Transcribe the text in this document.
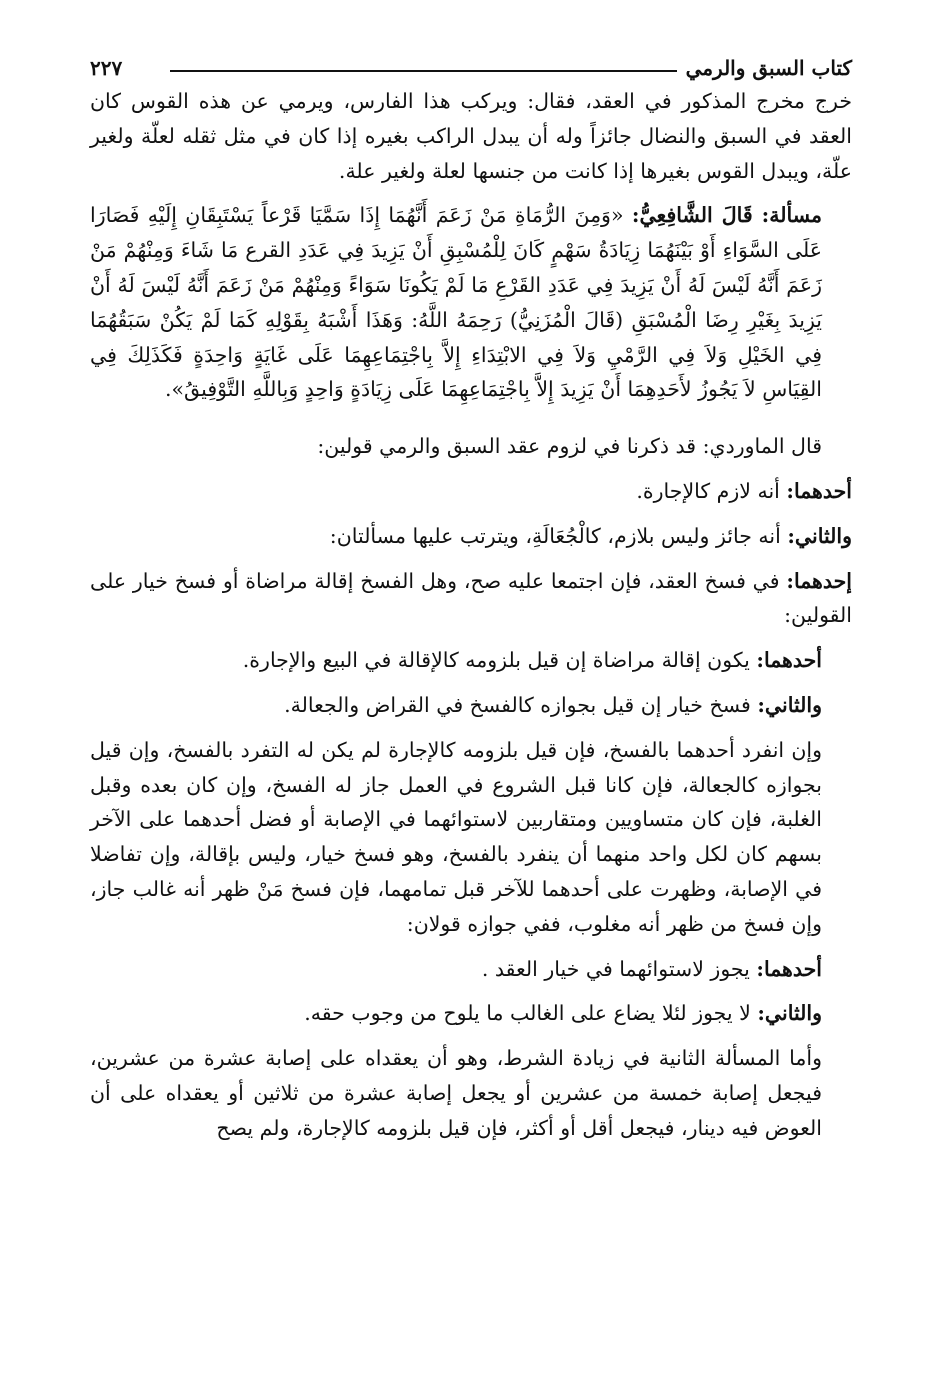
كتاب السبق والرمي
٢٢٧

خرج مخرج المذكور في العقد، فقال: ويركب هذا الفارس، ويرمي عن هذه القوس كان العقد في السبق والنضال جائزاً وله أن يبدل الراكب بغيره إذا كان في مثل ثقله لعلّة ولغير علّة، ويبدل القوس بغيرها إذا كانت من جنسها لعلة ولغير علة.

مسألة: قَالَ الشَّافِعِيُّ: «وَمِنَ الرُّمَاةِ مَنْ زَعَمَ أَنَّهُمَا إِذَا سَمَّيَا قَرْعاً يَسْتَبِقَانِ إِلَيْهِ فَصَارَا عَلَى السَّوَاءِ أَوْ بَيْنَهُمَا زِيَادَةُ سَهْمٍ كَانَ لِلْمُسْبِقِ أَنْ يَزِيدَ فِي عَدَدِ القرع مَا شَاءَ وَمِنْهُمْ مَنْ زَعَمَ أَنَّهُ لَيْسَ لَهُ أَنْ يَزِيدَ فِي عَدَدِ القَرْعِ مَا لَمْ يَكُونَا سَوَاءً وَمِنْهُمْ مَنْ زَعَمَ أَنَّهُ لَيْسَ لَهُ أَنْ يَزِيدَ بِغَيْرِ رِضَا الْمُسْبَقِ (قَالَ الْمُزَنِيُّ) رَحِمَهُ اللَّهُ: وَهَذَا أَشْبَهُ بِقَوْلِهِ كَمَا لَمْ يَكُنْ سَبَقُهُمَا فِي الخَيْلِ وَلاَ فِي الرَّمْيِ وَلاَ فِي الابْتِدَاءِ إِلاَّ بِاجْتِمَاعِهِمَا عَلَى غَايَةٍ وَاحِدَةٍ فَكَذَلِكَ فِي القِيَاسِ لاَ يَجُوزُ لأَحَدِهِمَا أَنْ يَزِيدَ إِلاَّ بِاجْتِمَاعِهِمَا عَلَى زِيَادَةٍ وَاحِدٍ وَبِاللَّهِ التَّوْفِيقُ».

قال الماوردي: قد ذكرنا في لزوم عقد السبق والرمي قولين:

أحدهما: أنه لازم كالإجارة.

والثاني: أنه جائز وليس بلازم، كالْجُعَالَةِ، ويترتب عليها مسألتان:

إحدهما: في فسخ العقد، فإن اجتمعا عليه صح، وهل الفسخ إقالة مراضاة أو فسخ خيار على القولين:

أحدهما: يكون إقالة مراضاة إن قيل بلزومه كالإقالة في البيع والإجارة.

والثاني: فسخ خيار إن قيل بجوازه كالفسخ في القراض والجعالة.

وإن انفرد أحدهما بالفسخ، فإن قيل بلزومه كالإجارة لم يكن له التفرد بالفسخ، وإن قيل بجوازه كالجعالة، فإن كانا قبل الشروع في العمل جاز له الفسخ، وإن كان بعده وقبل الغلبة، فإن كان متساويين ومتقاربين لاستوائهما في الإصابة أو فضل أحدهما على الآخر بسهم كان لكل واحد منهما أن ينفرد بالفسخ، وهو فسخ خيار، وليس بإقالة، وإن تفاضلا في الإصابة، وظهرت على أحدهما للآخر قبل تمامهما، فإن فسخ مَنْ ظهر أنه غالب جاز، وإن فسخ من ظهر أنه مغلوب، ففي جوازه قولان:

أحدهما: يجوز لاستوائهما في خيار العقد .

والثاني: لا يجوز لئلا يضاع على الغالب ما يلوح من وجوب حقه.

وأما المسألة الثانية في زيادة الشرط، وهو أن يعقداه على إصابة عشرة من عشرين، فيجعل إصابة خمسة من عشرين أو يجعل إصابة عشرة من ثلاثين أو يعقداه على أن العوض فيه دينار، فيجعل أقل أو أكثر، فإن قيل بلزومه كالإجارة، ولم يصح
